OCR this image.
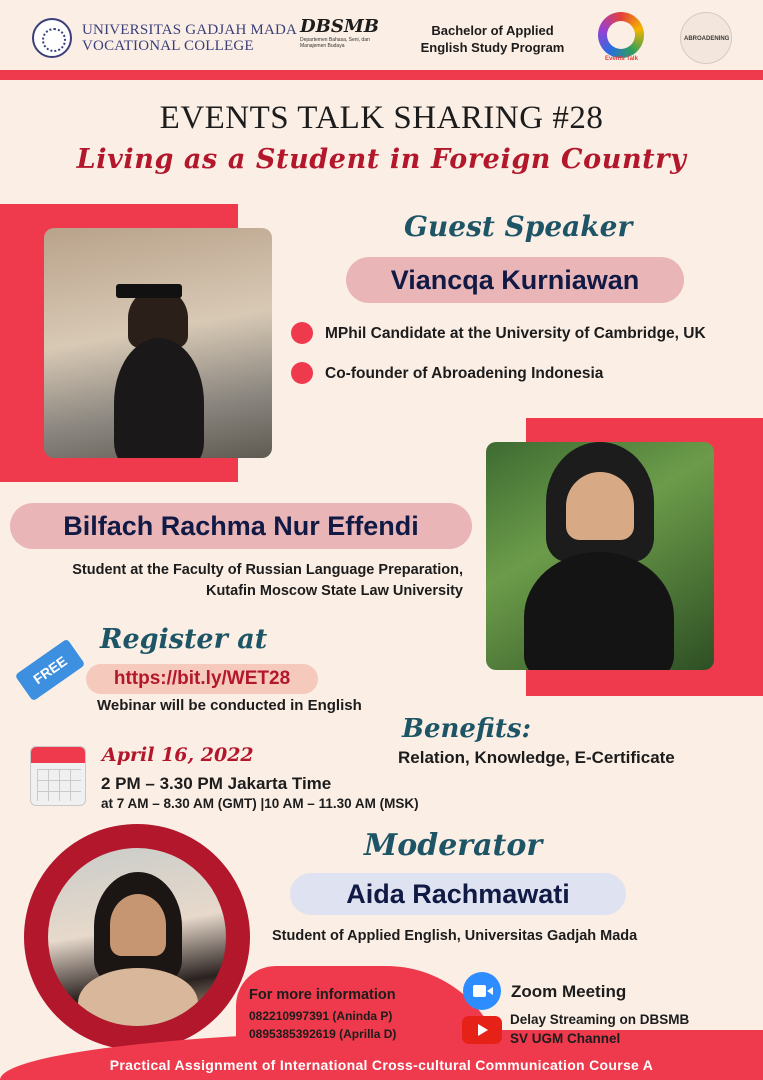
UNIVERSITAS GADJAH MADA
VOCATIONAL COLLEGE
DBSMB
Departemen Bahasa, Seni, dan Manajemen Budaya
Bachelor of Applied
English Study Program
Events Talk
ABROADENING
EVENTS TALK SHARING #28
Living as a Student in Foreign Country
Guest Speaker
Viancqa Kurniawan
MPhil Candidate at the University of Cambridge, UK
Co-founder of Abroadening Indonesia
Bilfach Rachma Nur Effendi
Student at the Faculty of Russian Language Preparation,
Kutafin Moscow State Law University
Register at
FREE	https://bit.ly/WET28
Webinar will be conducted in English
Benefits:
Relation, Knowledge, E-Certificate
April 16, 2022
2 PM – 3.30 PM Jakarta Time
at 7 AM – 8.30 AM (GMT) |10 AM – 11.30 AM (MSK)
Moderator
Aida Rachmawati
Student of Applied English, Universitas Gadjah Mada
For more information
082210997391 (Aninda P)
0895385392619 (Aprilla D)
Zoom Meeting
Delay Streaming on DBSMB
SV UGM Channel
Practical Assignment of International Cross-cultural Communication Course A
